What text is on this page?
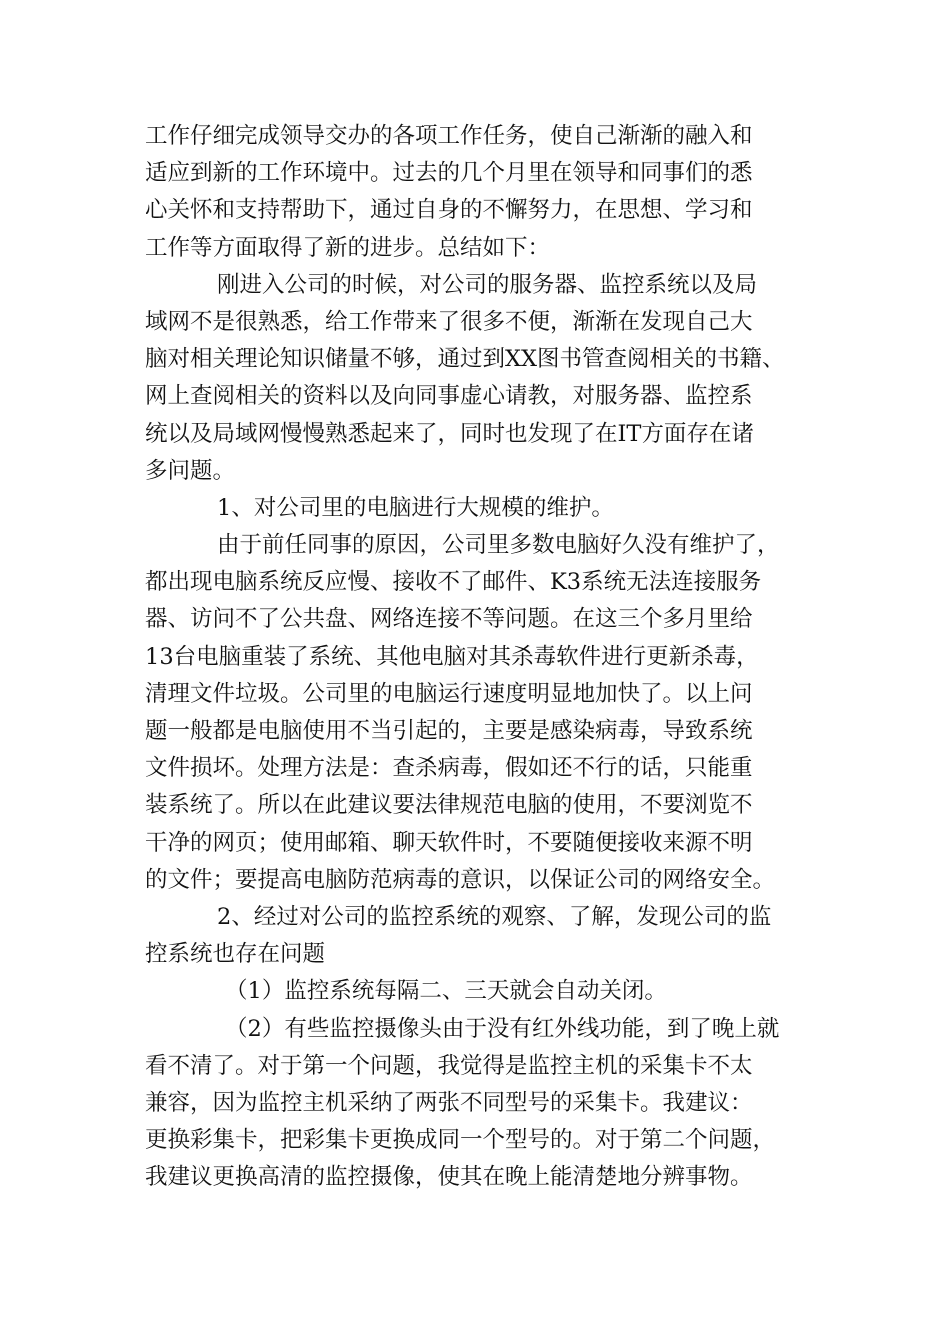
工作仔细完成领导交办的各项工作任务，使自己渐渐的融入和
适应到新的工作环境中。过去的几个月里在领导和同事们的悉
心关怀和支持帮助下，通过自身的不懈努力，在思想、学习和
工作等方面取得了新的进步。总结如下：
刚进入公司的时候，对公司的服务器、监控系统以及局
域网不是很熟悉，给工作带来了很多不便，渐渐在发现自己大
脑对相关理论知识储量不够，通过到XX图书管查阅相关的书籍、
网上查阅相关的资料以及向同事虚心请教，对服务器、监控系
统以及局域网慢慢熟悉起来了，同时也发现了在IT方面存在诸
多问题。
1、对公司里的电脑进行大规模的维护。
由于前任同事的原因，公司里多数电脑好久没有维护了，
都出现电脑系统反应慢、接收不了邮件、K3系统无法连接服务
器、访问不了公共盘、网络连接不等问题。在这三个多月里给
13台电脑重装了系统、其他电脑对其杀毒软件进行更新杀毒，
清理文件垃圾。公司里的电脑运行速度明显地加快了。以上问
题一般都是电脑使用不当引起的，主要是感染病毒，导致系统
文件损坏。处理方法是：查杀病毒，假如还不行的话，只能重
装系统了。所以在此建议要法律规范电脑的使用，不要浏览不
干净的网页；使用邮箱、聊天软件时，不要随便接收来源不明
的文件；要提高电脑防范病毒的意识，以保证公司的网络安全。
2、经过对公司的监控系统的观察、了解，发现公司的监
控系统也存在问题
（1）监控系统每隔二、三天就会自动关闭。
（2）有些监控摄像头由于没有红外线功能，到了晚上就
看不清了。对于第一个问题，我觉得是监控主机的采集卡不太
兼容，因为监控主机采纳了两张不同型号的采集卡。我建议：
更换彩集卡，把彩集卡更换成同一个型号的。对于第二个问题，
我建议更换高清的监控摄像，使其在晚上能清楚地分辨事物。
